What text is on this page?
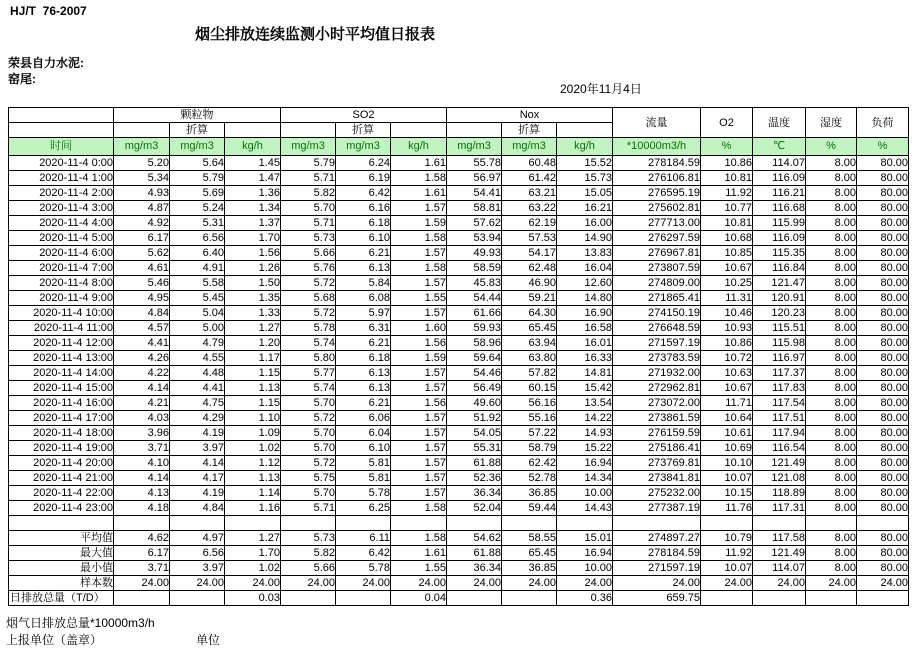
HJ/T  76-2007
烟尘排放连续监测小时平均值日报表
荣县自力水泥:
窑尾:
2020年11月4日
	颗粒物			SO2			Nox			流量	O2	温度	湿度	负荷
		折算			折算			折算						
时间	mg/m3	mg/m3	kg/h	mg/m3	mg/m3	kg/h	mg/m3	mg/m3	kg/h	*10000m3/h	%	℃	%	%
2020-11-4 0:00	5.20	5.64	1.45	5.79	6.24	1.61	55.78	60.48	15.52	278184.59	10.86	114.07	8.00	80.00
2020-11-4 1:00	5.34	5.79	1.47	5.71	6.19	1.58	56.97	61.42	15.73	276106.81	10.81	116.09	8.00	80.00
2020-11-4 2:00	4.93	5.69	1.36	5.82	6.42	1.61	54.41	63.21	15.05	276595.19	11.92	116.21	8.00	80.00
2020-11-4 3:00	4.87	5.24	1.34	5.70	6.16	1.57	58.81	63.22	16.21	275602.81	10.77	116.68	8.00	80.00
2020-11-4 4:00	4.92	5.31	1.37	5.71	6.18	1.59	57.62	62.19	16.00	277713.00	10.81	115.99	8.00	80.00
2020-11-4 5:00	6.17	6.56	1.70	5.73	6.10	1.58	53.94	57.53	14.90	276297.59	10.68	116.09	8.00	80.00
2020-11-4 6:00	5.62	6.40	1.56	5.66	6.21	1.57	49.93	54.17	13.83	276967.81	10.85	115.35	8.00	80.00
2020-11-4 7:00	4.61	4.91	1.26	5.76	6.13	1.58	58.59	62.48	16.04	273807.59	10.67	116.84	8.00	80.00
2020-11-4 8:00	5.46	5.58	1.50	5.72	5.84	1.57	45.83	46.90	12.60	274809.00	10.25	121.47	8.00	80.00
2020-11-4 9:00	4.95	5.45	1.35	5.68	6.08	1.55	54.44	59.21	14.80	271865.41	11.31	120.91	8.00	80.00
2020-11-4 10:00	4.84	5.04	1.33	5.72	5.97	1.57	61.66	64.30	16.90	274150.19	10.46	120.23	8.00	80.00
2020-11-4 11:00	4.57	5.00	1.27	5.78	6.31	1.60	59.93	65.45	16.58	276648.59	10.93	115.51	8.00	80.00
2020-11-4 12:00	4.41	4.79	1.20	5.74	6.21	1.56	58.96	63.94	16.01	271597.19	10.86	115.98	8.00	80.00
2020-11-4 13:00	4.26	4.55	1.17	5.80	6.18	1.59	59.64	63.80	16.33	273783.59	10.72	116.97	8.00	80.00
2020-11-4 14:00	4.22	4.48	1.15	5.77	6.13	1.57	54.46	57.82	14.81	271932.00	10.63	117.37	8.00	80.00
2020-11-4 15:00	4.14	4.41	1.13	5.74	6.13	1.57	56.49	60.15	15.42	272962.81	10.67	117.83	8.00	80.00
2020-11-4 16:00	4.21	4.75	1.15	5.70	6.21	1.56	49.60	56.16	13.54	273072.00	11.71	117.54	8.00	80.00
2020-11-4 17:00	4.03	4.29	1.10	5.72	6.06	1.57	51.92	55.16	14.22	273861.59	10.64	117.51	8.00	80.00
2020-11-4 18:00	3.96	4.19	1.09	5.70	6.04	1.57	54.05	57.22	14.93	276159.59	10.61	117.94	8.00	80.00
2020-11-4 19:00	3.71	3.97	1.02	5.70	6.10	1.57	55.31	58.79	15.22	275186.41	10.69	116.54	8.00	80.00
2020-11-4 20:00	4.10	4.14	1.12	5.72	5.81	1.57	61.88	62.42	16.94	273769.81	10.10	121.49	8.00	80.00
2020-11-4 21:00	4.14	4.17	1.13	5.75	5.81	1.57	52.36	52.78	14.34	273841.81	10.07	121.08	8.00	80.00
2020-11-4 22:00	4.13	4.19	1.14	5.70	5.78	1.57	36.34	36.85	10.00	275232.00	10.15	118.89	8.00	80.00
2020-11-4 23:00	4.18	4.84	1.16	5.71	6.25	1.58	52.04	59.44	14.43	277387.19	11.76	117.31	8.00	80.00

平均值	4.62	4.97	1.27	5.73	6.11	1.58	54.62	58.55	15.01	274897.27	10.79	117.58	8.00	80.00
最大值	6.17	6.56	1.70	5.82	6.42	1.61	61.88	65.45	16.94	278184.59	11.92	121.49	8.00	80.00
最小值	3.71	3.97	1.02	5.66	5.78	1.55	36.34	36.85	10.00	271597.19	10.07	114.07	8.00	80.00
样本数	24.00	24.00	24.00	24.00	24.00	24.00	24.00	24.00	24.00	24.00	24.00	24.00	24.00	24.00
日排放总量（T/D）			0.03			0.04			0.36	659.75				
烟气日排放总量*10000m3/h
上报单位（盖章）	单位
